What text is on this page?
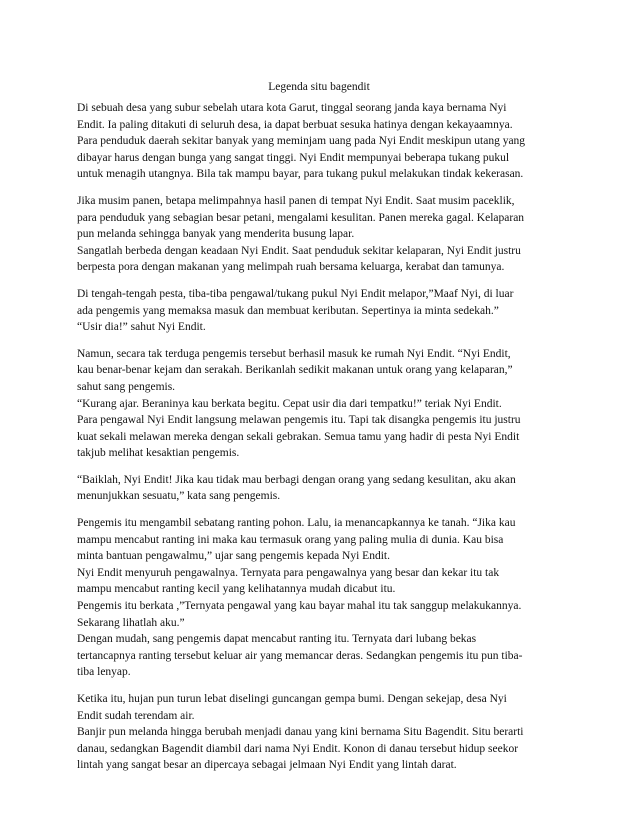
Legenda situ bagendit
Di sebuah desa yang subur sebelah utara kota Garut, tinggal seorang janda kaya bernama Nyi
Endit. Ia paling ditakuti di seluruh desa, ia dapat berbuat sesuka hatinya dengan kekayaamnya.
Para penduduk daerah sekitar banyak yang meminjam uang pada Nyi Endit meskipun utang yang
dibayar harus dengan bunga yang sangat tinggi. Nyi Endit mempunyai beberapa tukang pukul
untuk menagih utangnya. Bila tak mampu bayar, para tukang pukul melakukan tindak kekerasan.
Jika musim panen, betapa melimpahnya hasil panen di tempat Nyi Endit. Saat musim paceklik,
para penduduk yang sebagian besar petani, mengalami kesulitan. Panen mereka gagal. Kelaparan
pun melanda sehingga banyak yang menderita busung lapar.
Sangatlah berbeda dengan keadaan Nyi Endit. Saat penduduk sekitar kelaparan, Nyi Endit justru
berpesta pora dengan makanan yang melimpah ruah bersama keluarga, kerabat dan tamunya.
Di tengah-tengah pesta, tiba-tiba pengawal/tukang pukul Nyi Endit melapor,”Maaf Nyi, di luar
ada pengemis yang memaksa masuk dan membuat keributan. Sepertinya ia minta sedekah.”
“Usir dia!” sahut Nyi Endit.
Namun, secara tak terduga pengemis tersebut berhasil masuk ke rumah Nyi Endit. “Nyi Endit,
kau benar-benar kejam dan serakah. Berikanlah sedikit makanan untuk orang yang kelaparan,”
sahut sang pengemis.
“Kurang ajar. Beraninya kau berkata begitu. Cepat usir dia dari tempatku!” teriak Nyi Endit.
Para pengawal Nyi Endit langsung melawan pengemis itu. Tapi tak disangka pengemis itu justru
kuat sekali melawan mereka dengan sekali gebrakan. Semua tamu yang hadir di pesta Nyi Endit
takjub melihat kesaktian pengemis.
“Baiklah, Nyi Endit! Jika kau tidak mau berbagi dengan orang yang sedang kesulitan, aku akan
menunjukkan sesuatu,” kata sang pengemis.
Pengemis itu mengambil sebatang ranting pohon. Lalu, ia menancapkannya ke tanah. “Jika kau
mampu mencabut ranting ini maka kau termasuk orang yang paling mulia di dunia. Kau bisa
minta bantuan pengawalmu,” ujar sang pengemis kepada Nyi Endit.
Nyi Endit menyuruh pengawalnya. Ternyata para pengawalnya yang besar dan kekar itu tak
mampu mencabut ranting kecil yang kelihatannya mudah dicabut itu.
Pengemis itu berkata ,”Ternyata pengawal yang kau bayar mahal itu tak sanggup melakukannya.
Sekarang lihatlah aku.”
Dengan mudah, sang pengemis dapat mencabut ranting itu. Ternyata dari lubang bekas
tertancapnya ranting tersebut keluar air yang memancar deras. Sedangkan pengemis itu pun tiba-
tiba lenyap.
Ketika itu, hujan pun turun lebat diselingi guncangan gempa bumi. Dengan sekejap, desa Nyi
Endit sudah terendam air.
Banjir pun melanda hingga berubah menjadi danau yang kini bernama Situ Bagendit. Situ berarti
danau, sedangkan Bagendit diambil dari nama Nyi Endit. Konon di danau tersebut hidup seekor
lintah yang sangat besar an dipercaya sebagai jelmaan Nyi Endit yang lintah darat.
